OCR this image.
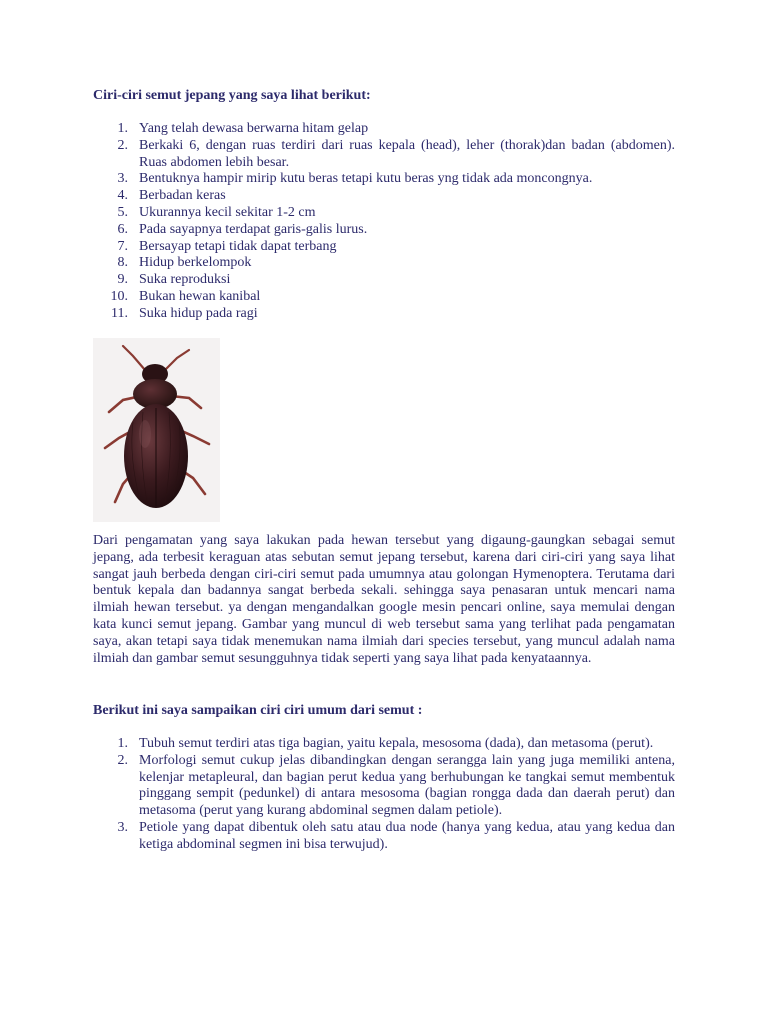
Ciri-ciri semut jepang yang saya lihat berikut:

1. Yang telah dewasa berwarna hitam gelap
2. Berkaki 6, dengan ruas terdiri dari ruas kepala (head), leher (thorak)dan badan (abdomen). Ruas abdomen lebih besar.
3. Bentuknya hampir mirip kutu beras tetapi kutu beras yng tidak ada moncongnya.
4. Berbadan keras
5. Ukurannya kecil sekitar 1-2 cm
6. Pada sayapnya terdapat garis-galis lurus.
7. Bersayap tetapi tidak dapat terbang
8. Hidup berkelompok
9. Suka reproduksi
10. Bukan hewan kanibal
11. Suka hidup pada ragi

Dari pengamatan yang saya lakukan pada hewan tersebut yang digaung-gaungkan sebagai semut jepang, ada terbesit keraguan atas sebutan semut jepang tersebut, karena dari ciri-ciri yang saya lihat sangat jauh berbeda dengan ciri-ciri semut pada umumnya atau golongan Hymenoptera. Terutama dari bentuk kepala dan badannya sangat berbeda sekali. sehingga saya penasaran untuk mencari nama ilmiah hewan tersebut. ya dengan mengandalkan google mesin pencari online, saya memulai dengan kata kunci semut jepang. Gambar yang muncul di web tersebut sama yang terlihat pada pengamatan saya, akan tetapi saya tidak menemukan nama ilmiah dari species tersebut, yang muncul adalah nama ilmiah dan gambar semut sesungguhnya tidak seperti yang saya lihat pada kenyataannya.

Berikut ini saya sampaikan ciri ciri umum dari semut :

1. Tubuh semut terdiri atas tiga bagian, yaitu kepala, mesosoma (dada), dan metasoma (perut).
2. Morfologi semut cukup jelas dibandingkan dengan serangga lain yang juga memiliki antena, kelenjar metapleural, dan bagian perut kedua yang berhubungan ke tangkai semut membentuk pinggang sempit (pedunkel) di antara mesosoma (bagian rongga dada dan daerah perut) dan metasoma (perut yang kurang abdominal segmen dalam petiole).
3. Petiole yang dapat dibentuk oleh satu atau dua node (hanya yang kedua, atau yang kedua dan ketiga abdominal segmen ini bisa terwujud).
